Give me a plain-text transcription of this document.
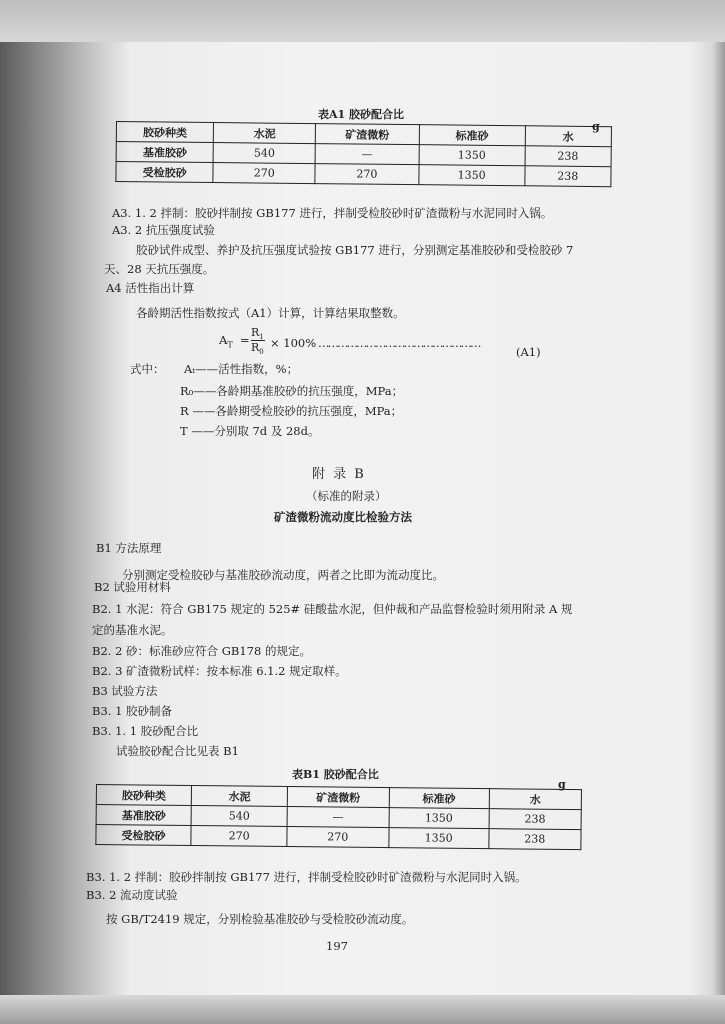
表A1 胶砂配合比
g
胶砂种类	水泥	矿渣微粉	标准砂	水
基准胶砂	540	—	1350	238
受检胶砂	270	270	1350	238
A3. 1. 2 拌制：胶砂拌制按 GB177 进行，拌制受检胶砂时矿渣微粉与水泥同时入锅。
A3. 2 抗压强度试验
胶砂试件成型、养护及抗压强度试验按 GB177 进行，分别测定基准胶砂和受检胶砂 7
天、28 天抗压强度。
A4 活性指出计算
各龄期活性指数按式（A1）计算，计算结果取整数。
$A_T$ =
$R_1$
$R_0$
× 100% ……………………………………………
(A1)
式中： Aₜ——活性指数，%；
R₀——各龄期基准胶砂的抗压强度，MPa；
R ——各龄期受检胶砂的抗压强度，MPa；
T ——分别取 7d 及 28d。
附 录 B
（标准的附录）
矿渣微粉流动度比检验方法
B1 方法原理
分别测定受检胶砂与基准胶砂流动度，两者之比即为流动度比。
B2 试验用材料
B2. 1 水泥：符合 GB175 规定的 525# 硅酸盐水泥，但仲裁和产品监督检验时须用附录 A 规
定的基准水泥。
B2. 2 砂：标准砂应符合 GB178 的规定。
B2. 3 矿渣微粉试样：按本标准 6.1.2 规定取样。
B3 试验方法
B3. 1 胶砂制备
B3. 1. 1 胶砂配合比
试验胶砂配合比见表 B1
表B1 胶砂配合比
g
胶砂种类	水泥	矿渣微粉	标准砂	水
基准胶砂	540	—	1350	238
受检胶砂	270	270	1350	238
B3. 1. 2 拌制：胶砂拌制按 GB177 进行，拌制受检胶砂时矿渣微粉与水泥同时入锅。
B3. 2 流动度试验
按 GB/T2419 规定，分别检验基准胶砂与受检胶砂流动度。
197
